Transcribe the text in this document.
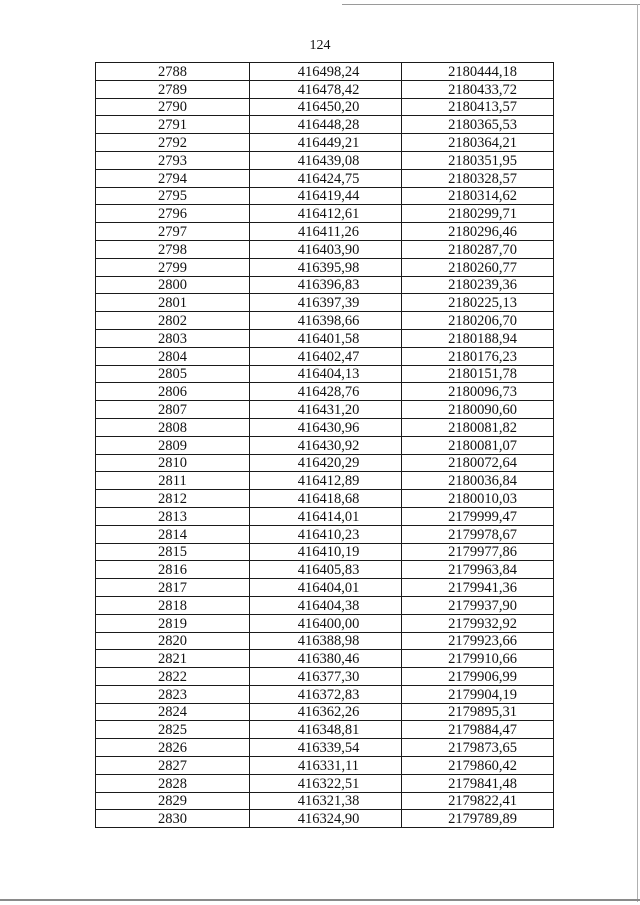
124
2788	416498,24	2180444,18
2789	416478,42	2180433,72
2790	416450,20	2180413,57
2791	416448,28	2180365,53
2792	416449,21	2180364,21
2793	416439,08	2180351,95
2794	416424,75	2180328,57
2795	416419,44	2180314,62
2796	416412,61	2180299,71
2797	416411,26	2180296,46
2798	416403,90	2180287,70
2799	416395,98	2180260,77
2800	416396,83	2180239,36
2801	416397,39	2180225,13
2802	416398,66	2180206,70
2803	416401,58	2180188,94
2804	416402,47	2180176,23
2805	416404,13	2180151,78
2806	416428,76	2180096,73
2807	416431,20	2180090,60
2808	416430,96	2180081,82
2809	416430,92	2180081,07
2810	416420,29	2180072,64
2811	416412,89	2180036,84
2812	416418,68	2180010,03
2813	416414,01	2179999,47
2814	416410,23	2179978,67
2815	416410,19	2179977,86
2816	416405,83	2179963,84
2817	416404,01	2179941,36
2818	416404,38	2179937,90
2819	416400,00	2179932,92
2820	416388,98	2179923,66
2821	416380,46	2179910,66
2822	416377,30	2179906,99
2823	416372,83	2179904,19
2824	416362,26	2179895,31
2825	416348,81	2179884,47
2826	416339,54	2179873,65
2827	416331,11	2179860,42
2828	416322,51	2179841,48
2829	416321,38	2179822,41
2830	416324,90	2179789,89
